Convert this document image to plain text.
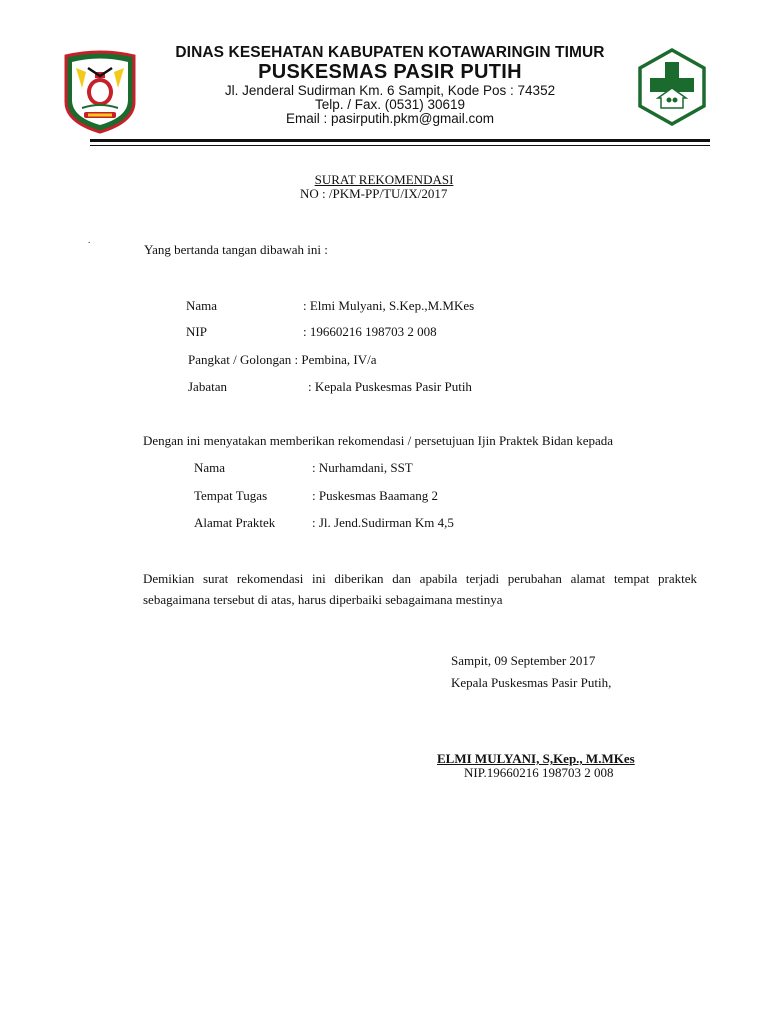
DINAS KESEHATAN KABUPATEN KOTAWARINGIN TIMUR
PUSKESMAS PASIR PUTIH
Jl. Jenderal Sudirman Km. 6 Sampit, Kode Pos : 74352
Telp. / Fax. (0531) 30619
Email : pasirputih.pkm@gmail.com
SURAT REKOMENDASI
NO : /PKM-PP/TU/IX/2017
.
Yang bertanda tangan dibawah ini :
Nama	: Elmi Mulyani, S.Kep.,M.MKes
NIP	: 19660216 198703 2 008
Pangkat / Golongan : Pembina, IV/a
Jabatan	: Kepala Puskesmas Pasir Putih
Dengan ini menyatakan memberikan rekomendasi / persetujuan Ijin Praktek Bidan kepada
Nama	: Nurhamdani, SST
Tempat Tugas	: Puskesmas Baamang 2
Alamat Praktek	: Jl. Jend.Sudirman Km 4,5
Demikian surat rekomendasi ini diberikan dan apabila terjadi perubahan alamat tempat praktek sebagaimana tersebut di atas, harus diperbaiki sebagaimana mestinya
Sampit, 09 September 2017
Kepala Puskesmas Pasir Putih,
ELMI MULYANI, S,Kep., M.MKes
NIP.19660216 198703 2 008
